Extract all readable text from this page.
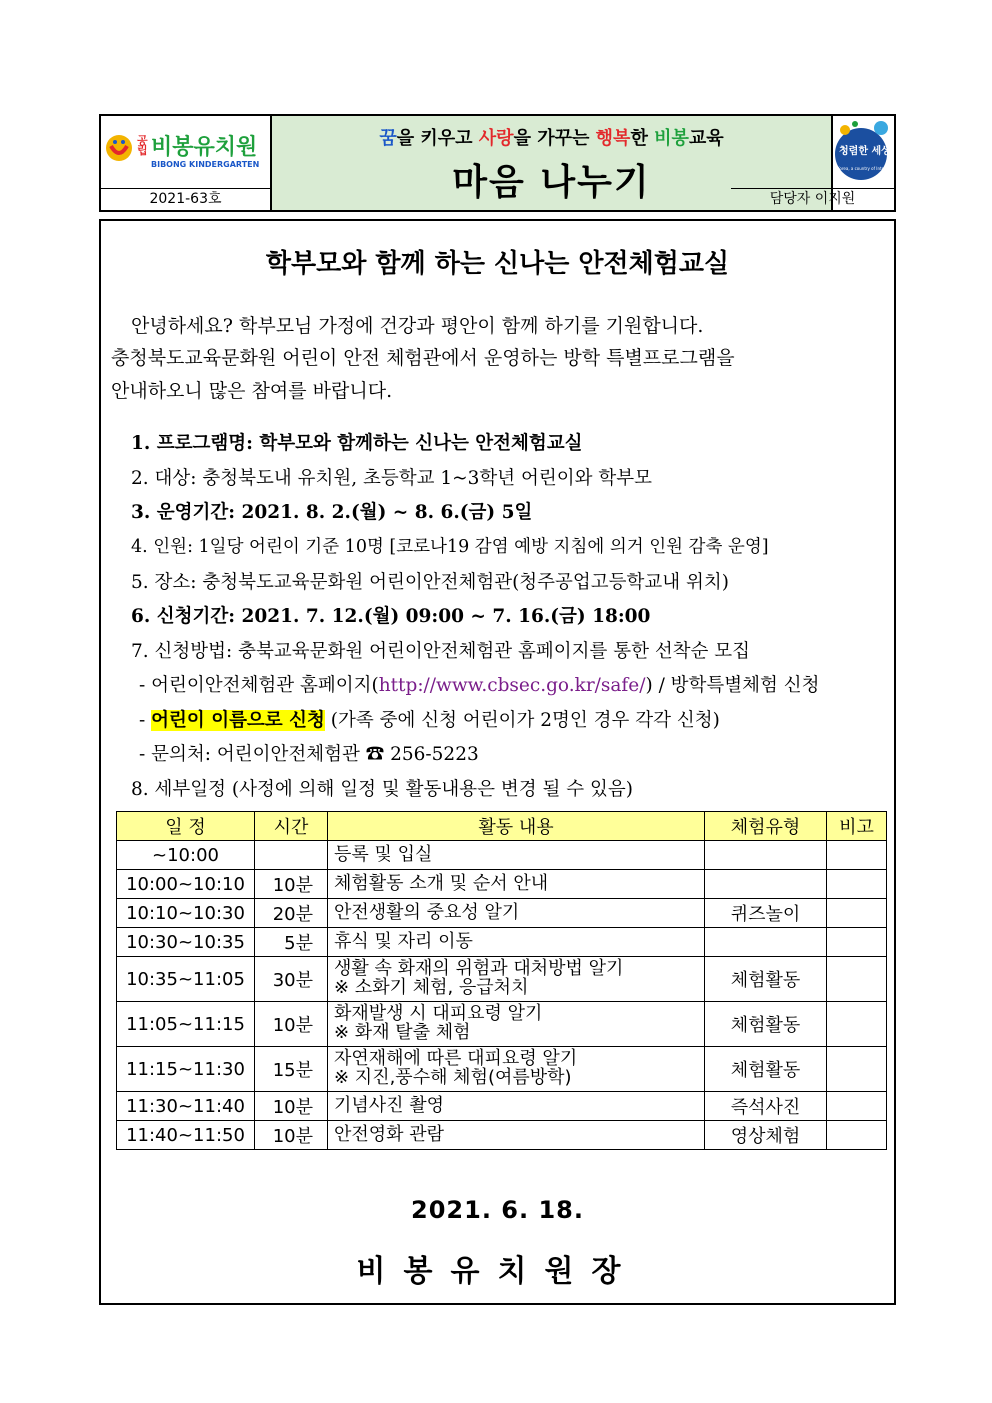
공립 비봉유치원
BIBONG KINDERGARTEN
2021-63호
꿈을 키우고 사랑을 가꾸는 행복한 비봉교육
마음 나누기
청렴한 세상
Korea, a country of Integrity
담당자 이지원
학부모와 함께 하는 신나는 안전체험교실
안녕하세요? 학부모님 가정에 건강과 평안이 함께 하기를 기원합니다.
충청북도교육문화원 어린이 안전 체험관에서 운영하는 방학 특별프로그램을
안내하오니 많은 참여를 바랍니다.
1. 프로그램명: 학부모와 함께하는 신나는 안전체험교실
2. 대상: 충청북도내 유치원, 초등학교 1~3학년 어린이와 학부모
3. 운영기간: 2021. 8. 2.(월) ~ 8. 6.(금) 5일
4. 인원: 1일당 어린이 기준 10명 [코로나19 감염 예방 지침에 의거 인원 감축 운영]
5. 장소: 충청북도교육문화원 어린이안전체험관(청주공업고등학교내 위치)
6. 신청기간: 2021. 7. 12.(월) 09:00 ~ 7. 16.(금) 18:00
7. 신청방법: 충북교육문화원 어린이안전체험관 홈페이지를 통한 선착순 모집
- 어린이안전체험관 홈페이지(http://www.cbsec.go.kr/safe/) / 방학특별체험 신청
- 어린이 이름으로 신청 (가족 중에 신청 어린이가 2명인 경우 각각 신청)
- 문의처: 어린이안전체험관 ☎ 256-5223
8. 세부일정 (사정에 의해 일정 및 활동내용은 변경 될 수 있음)
일 정	시간	활동 내용	체험유형	비고
~10:00		등록 및 입실		

10:00~10:10	10분	체험활동 소개 및 순서 안내		

10:10~10:30	20분	안전생활의 중요성 알기	퀴즈놀이	
10:30~10:35	5분	휴식 및 자리 이동		

10:35~11:05	30분	생활 속 화재의 위험과 대처방법 알기
※ 소화기 체험, 응급처치	체험활동	
11:05~11:15	10분	화재발생 시 대피요령 알기
※ 화재 탈출 체험	체험활동	
11:15~11:30	15분	자연재해에 따른 대피요령 알기
※ 지진,풍수해 체험(여름방학)	체험활동	
11:30~11:40	10분	기념사진 촬영	즉석사진	
11:40~11:50	10분	안전영화 관람	영상체험	
2021. 6. 18.
비봉유치원장
